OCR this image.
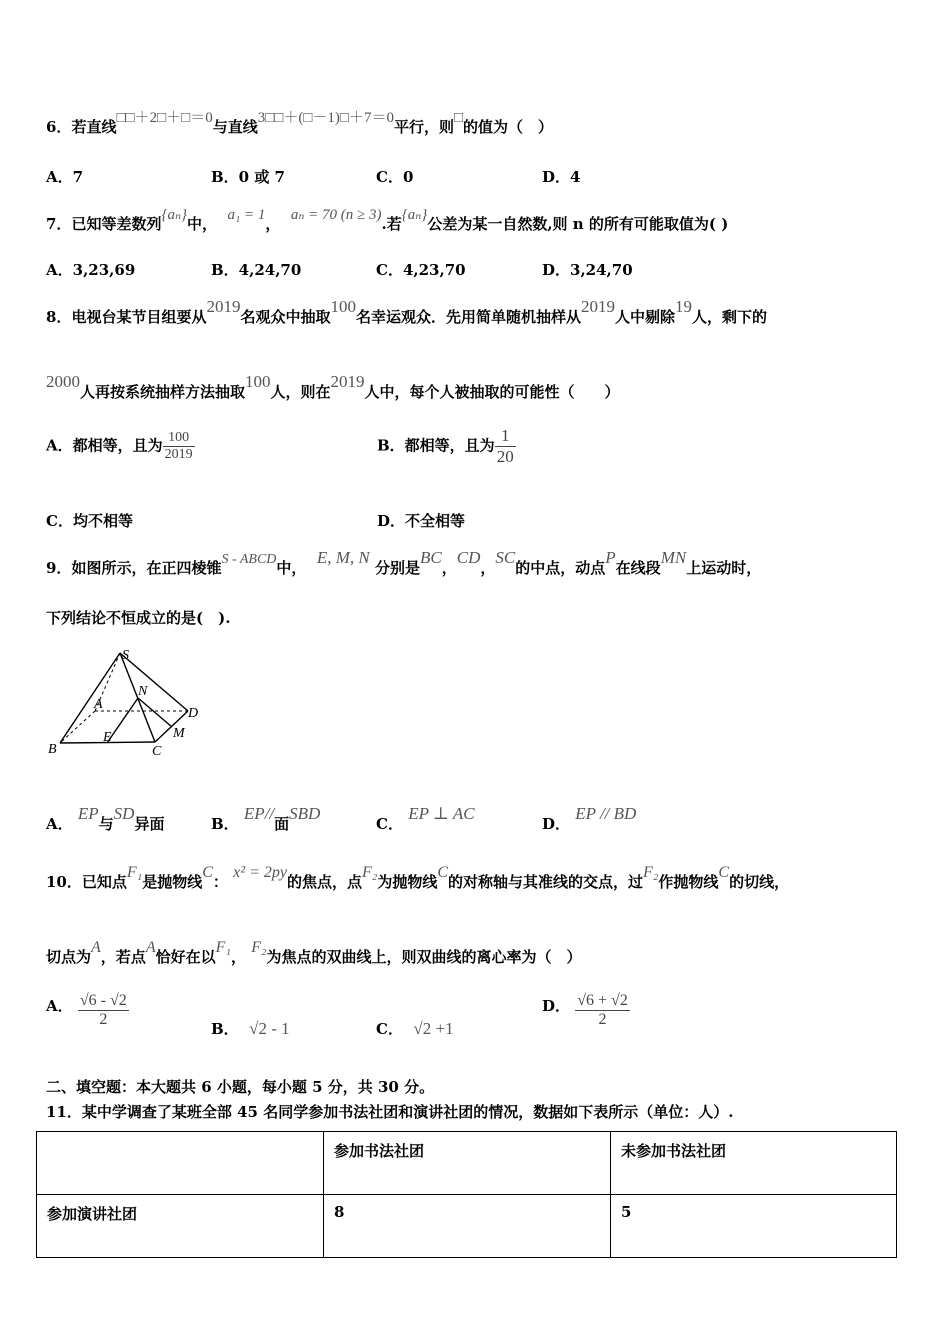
6．若直线□□＋2□＋□＝0与直线3□□＋(□－1)□＋7＝0平行，则□的值为（　）
A．7	B．0 或 7	C．0	D．4
7．已知等差数列{aₙ}中， a₁ = 1， aₙ = 70 (n ≥ 3).若{aₙ}公差为某一自然数,则 n 的所有可能取值为( )
A．3,23,69	B．4,24,70	C．4,23,70	D．3,24,70
8．电视台某节目组要从2019名观众中抽取100名幸运观众．先用简单随机抽样从2019人中剔除19人，剩下的
2000人再按系统抽样方法抽取100人，则在2019人中，每个人被抽取的可能性（　　）
A．都相等，且为 $\frac{100}{2019}$	B．都相等，且为 $\frac{1}{20}$
C．均不相等	D．不全相等
9．如图所示，在正四棱锥S - ABCD中，  E, M, N 分别是BC，CD，SC的中点，动点P在线段MN上运动时，
下列结论不恒成立的是(　).
S
N
A
D
M
B
E
C
A． EP与SD异面	B． EP//面SBD
C． EP ⊥ AC
D． EP // BD
10．已知点F₁是抛物线C： x² = 2py的焦点，点F₂为抛物线C的对称轴与其准线的交点，过F₂作抛物线C的切线，
切点为A，若点A恰好在以F₁， F₂为焦点的双曲线上，则双曲线的离心率为（　）
A． $\frac{√6 - √2}{2}$	B． √2 - 1	C． √2 +1
D． $\frac{√6 + √2}{2}$
二、填空题：本大题共 6 小题，每小题 5 分，共 30 分。
11．某中学调查了某班全部 45 名同学参加书法社团和演讲社团的情况，数据如下表所示（单位：人）.
	参加书法社团	未参加书法社团
参加演讲社团	8	5
